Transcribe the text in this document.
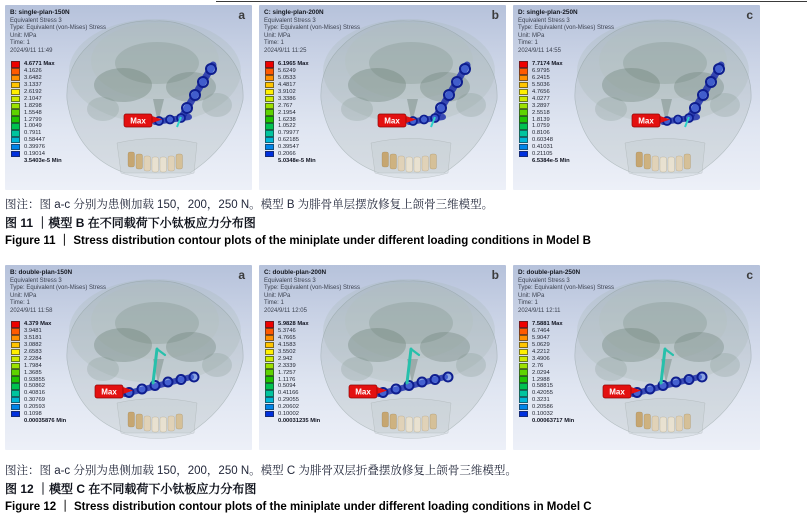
Max
B: single-plan-150N
Equivalent Stress 3
Type: Equivalent (von-Mises) Stress
Unit: MPa
Time: 1
2024/9/11 11:49
a
4.6771 Max
4.1626
3.6482
3.1337
2.6192
2.1047
1.8298
1.5548
1.2799
1.0049
0.7911
0.58447
0.39976
0.19014
3.5403e-5 Min
Max
C: single-plan-200N
Equivalent Stress 3
Type: Equivalent (von-Mises) Stress
Unit: MPa
Time: 1
2024/9/11 11:25
b
6.1965 Max
5.6249
5.0533
4.4817
3.9102
3.3386
2.767
2.1954
1.6238
1.0522
0.79977
0.62185
0.39547
0.2066
5.0348e-5 Min
Max
D: single-plan-250N
Equivalent Stress 3
Type: Equivalent (von-Mises) Stress
Unit: MPa
Time: 1
2024/9/11 14:55
c
7.7174 Max
6.9795
6.2415
5.5036
4.7656
4.0277
3.2897
2.5518
1.8139
1.0759
0.8106
0.60348
0.41031
0.21105
6.5384e-5 Min

图注：图 a-c 分别为患侧加载 150，200，250 N。模型 B 为腓骨单层摆放修复上颌骨三维模型。

图 11 ｜模型 B 在不同载荷下小钛板应力分布图

Figure 11 ｜ Stress distribution contour plots of the miniplate under different loading conditions in Model B

Max
B: double-plan-150N
Equivalent Stress 3
Type: Equivalent (von-Mises) Stress
Unit: MPa
Time: 1
2024/9/11 11:58
a
4.379 Max
3.9481
3.5181
3.0882
2.6583
2.2284
1.7984
1.3685
0.93855
0.50862
0.40816
0.30769
0.20593
0.1098
0.00035876 Min
Max
C: double-plan-200N
Equivalent Stress 3
Type: Equivalent (von-Mises) Stress
Unit: MPa
Time: 1
2024/9/11 12:05
b
5.9828 Max
5.3746
4.7665
4.1583
3.5502
2.942
2.3339
1.7257
1.1176
0.5094
0.41166
0.29055
0.20602
0.10002
0.00031235 Min
Max
D: double-plan-250N
Equivalent Stress 3
Type: Equivalent (von-Mises) Stress
Unit: MPa
Time: 1
2024/9/11 12:11
c
7.5881 Max
6.7464
5.9047
5.0629
4.2212
3.4906
2.76
2.0294
1.2988
0.58815
0.42055
0.3231
0.20586
0.10032
0.00063717 Min

图注：图 a-c 分别为患侧加载 150，200，250 N。模型 C 为腓骨双层折叠摆放修复上颌骨三维模型。

图 12 ｜模型 C 在不同载荷下小钛板应力分布图

Figure 12 ｜ Stress distribution contour plots of the miniplate under different loading conditions in Model C
